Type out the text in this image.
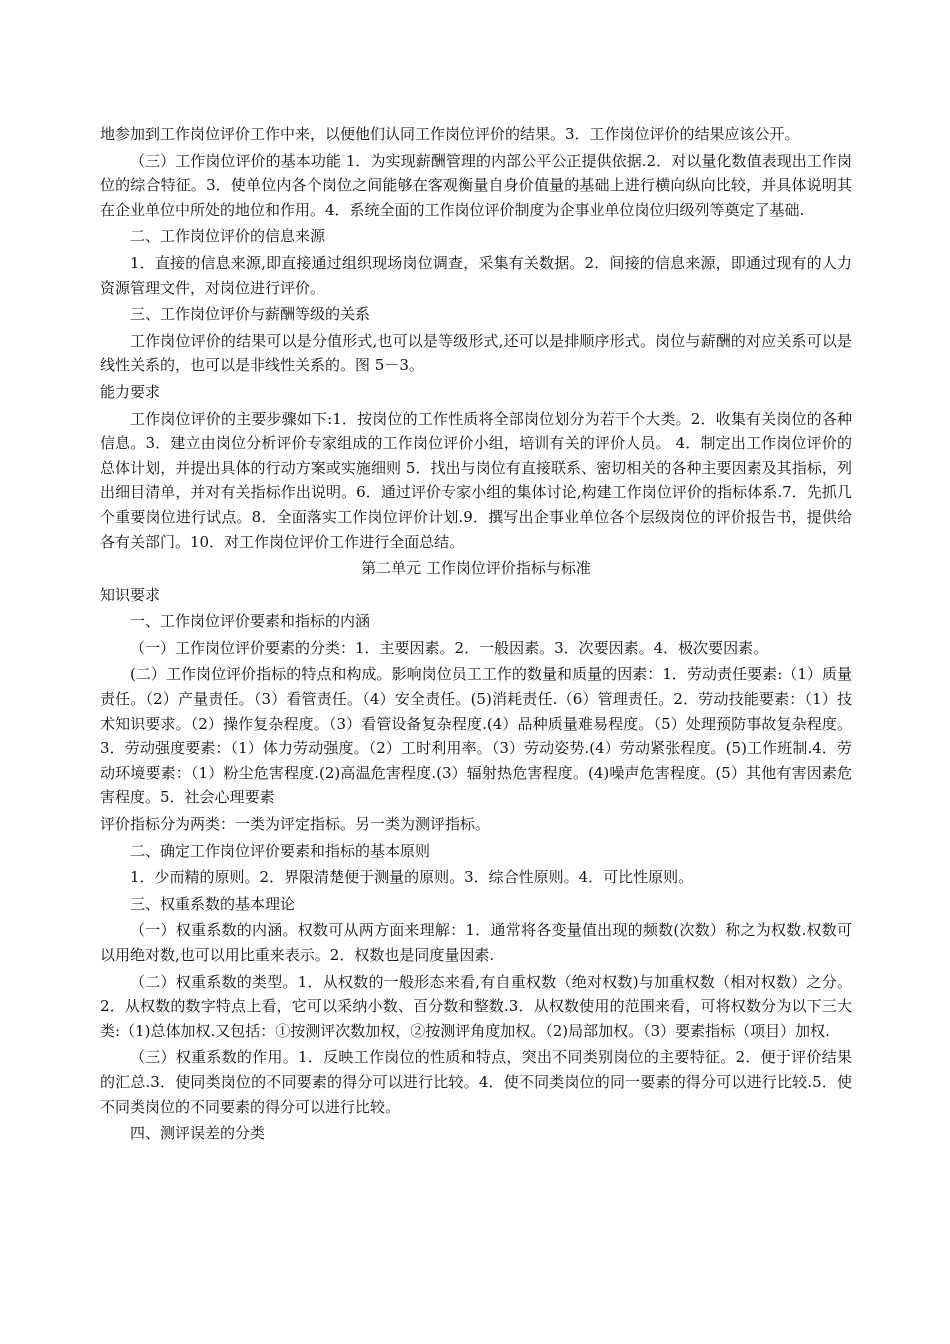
地参加到工作岗位评价工作中来，以便他们认同工作岗位评价的结果。3．工作岗位评价的结果应该公开。

（三）工作岗位评价的基本功能 1．为实现薪酬管理的内部公平公正提供依据.2．对以量化数值表现出工作岗位的综合特征。3．使单位内各个岗位之间能够在客观衡量自身价值量的基础上进行横向纵向比较，并具体说明其在企业单位中所处的地位和作用。4．系统全面的工作岗位评价制度为企事业单位岗位归级列等奠定了基础.

二、工作岗位评价的信息来源

1．直接的信息来源,即直接通过组织现场岗位调查，采集有关数据。2．间接的信息来源，即通过现有的人力资源管理文件，对岗位进行评价。

三、工作岗位评价与薪酬等级的关系

工作岗位评价的结果可以是分值形式,也可以是等级形式,还可以是排顺序形式。岗位与薪酬的对应关系可以是线性关系的，也可以是非线性关系的。图 5－3。

能力要求

工作岗位评价的主要步骤如下:1．按岗位的工作性质将全部岗位划分为若干个大类。2．收集有关岗位的各种信息。3．建立由岗位分析评价专家组成的工作岗位评价小组，培训有关的评价人员。 4．制定出工作岗位评价的总体计划，并提出具体的行动方案或实施细则 5．找出与岗位有直接联系、密切相关的各种主要因素及其指标，列出细目清单，并对有关指标作出说明。6．通过评价专家小组的集体讨论,构建工作岗位评价的指标体系.7．先抓几个重要岗位进行试点。8．全面落实工作岗位评价计划.9．撰写出企事业单位各个层级岗位的评价报告书，提供给各有关部门。10．对工作岗位评价工作进行全面总结。

第二单元 工作岗位评价指标与标准

知识要求

一、工作岗位评价要素和指标的内涵

（一）工作岗位评价要素的分类：1．主要因素。2．一般因素。3．次要因素。4．极次要因素。

(二）工作岗位评价指标的特点和构成。影响岗位员工工作的数量和质量的因素：1．劳动责任要素:（1）质量责任。（2）产量责任。（3）看管责任。（4）安全责任。(5)消耗责任.（6）管理责任。2．劳动技能要素：（1）技术知识要求。（2）操作复杂程度。（3）看管设备复杂程度.(4）品种质量难易程度。（5）处理预防事故复杂程度。3．劳动强度要素：（1）体力劳动强度。（2）工时利用率。（3）劳动姿势.(4）劳动紧张程度。(5)工作班制.4．劳动环境要素：（1）粉尘危害程度.(2)高温危害程度.(3）辐射热危害程度。(4)噪声危害程度。(5）其他有害因素危害程度。5．社会心理要素

评价指标分为两类：一类为评定指标。另一类为测评指标。

二、确定工作岗位评价要素和指标的基本原则

1．少而精的原则。2．界限清楚便于测量的原则。3．综合性原则。4．可比性原则。

三、权重系数的基本理论

（一）权重系数的内涵。权数可从两方面来理解：1．通常将各变量值出现的频数(次数）称之为权数.权数可以用绝对数,也可以用比重来表示。2．权数也是同度量因素.

（二）权重系数的类型。1．从权数的一般形态来看,有自重权数（绝对权数)与加重权数（相对权数）之分。2．从权数的数字特点上看，它可以采纳小数、百分数和整数.3．从权数使用的范围来看，可将权数分为以下三大类:（1)总体加权.又包括：①按测评次数加权，②按测评角度加权。（2)局部加权。（3）要素指标（项目）加权.

（三）权重系数的作用。1．反映工作岗位的性质和特点，突出不同类别岗位的主要特征。2．便于评价结果的汇总.3．使同类岗位的不同要素的得分可以进行比较。4．使不同类岗位的同一要素的得分可以进行比较.5．使不同类岗位的不同要素的得分可以进行比较。

四、测评误差的分类
